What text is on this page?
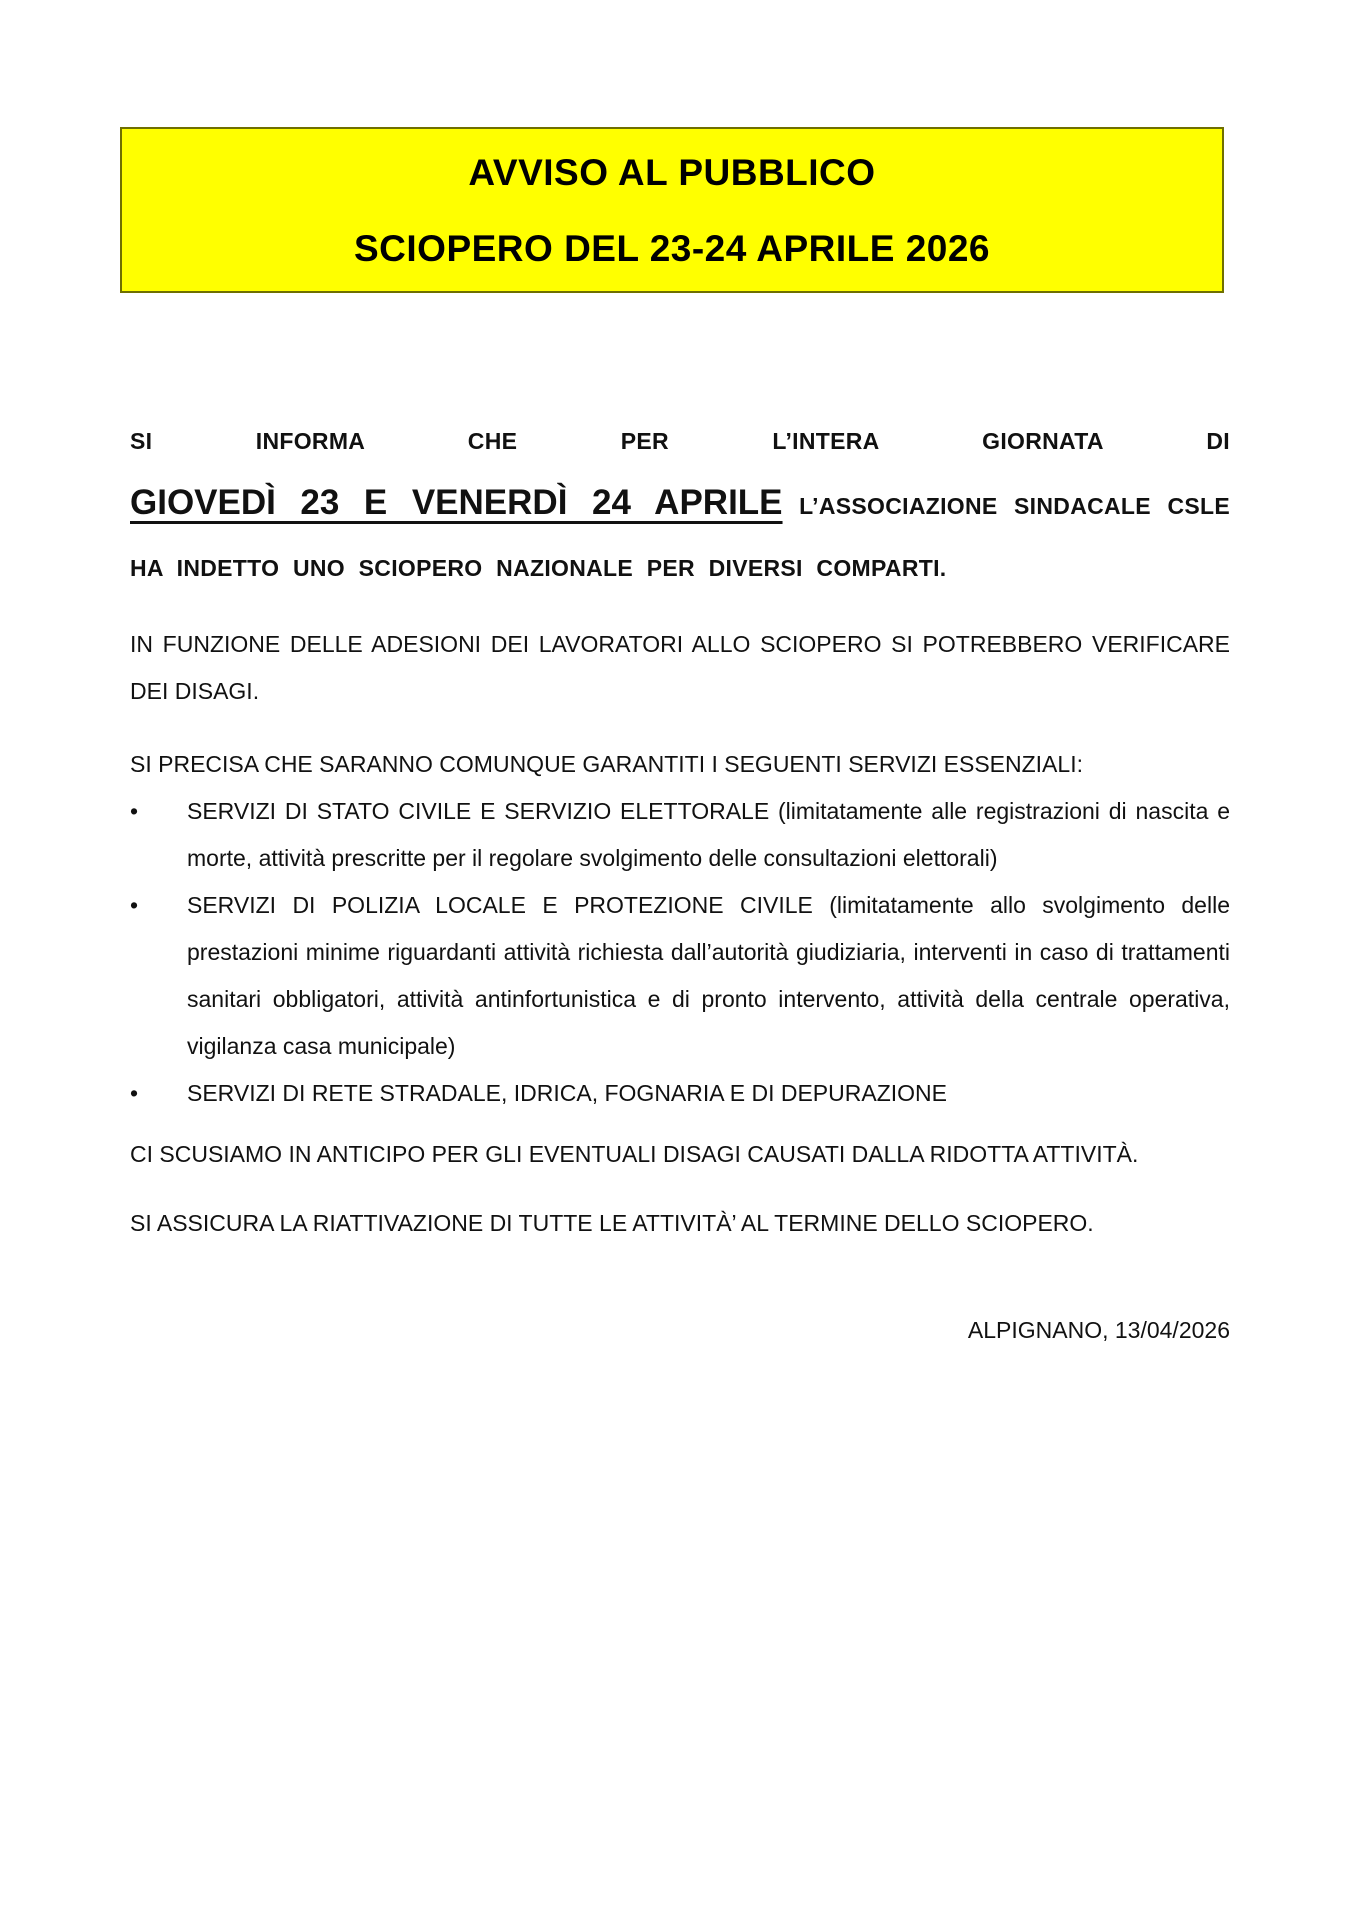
AVVISO AL PUBBLICO
SCIOPERO DEL 23-24 APRILE 2026

SI INFORMA CHE PER L’INTERA GIORNATA DI GIOVEDÌ 23 E VENERDÌ 24 APRILE L’ASSOCIAZIONE SINDACALE CSLE HA INDETTO UNO SCIOPERO NAZIONALE PER DIVERSI COMPARTI.

IN FUNZIONE DELLE ADESIONI DEI LAVORATORI ALLO SCIOPERO SI POTREBBERO VERIFICARE DEI DISAGI.

SI PRECISA CHE SARANNO COMUNQUE GARANTITI I SEGUENTI SERVIZI ESSENZIALI:

•	SERVIZI DI STATO CIVILE E SERVIZIO ELETTORALE (limitatamente alle registrazioni di nascita e morte, attività prescritte per il regolare svolgimento delle consultazioni elettorali)

•	SERVIZI DI POLIZIA LOCALE E PROTEZIONE CIVILE (limitatamente allo svolgimento delle prestazioni minime riguardanti attività richiesta dall’autorità giudiziaria, interventi in caso di trattamenti sanitari obbligatori, attività antinfortunistica e di pronto intervento, attività della centrale operativa, vigilanza casa municipale)

•	SERVIZI DI RETE STRADALE, IDRICA, FOGNARIA E DI DEPURAZIONE

CI SCUSIAMO IN ANTICIPO PER GLI EVENTUALI DISAGI CAUSATI DALLA RIDOTTA ATTIVITÀ.

SI ASSICURA LA RIATTIVAZIONE DI TUTTE LE ATTIVITÀ’ AL TERMINE DELLO SCIOPERO.

ALPIGNANO, 13/04/2026
